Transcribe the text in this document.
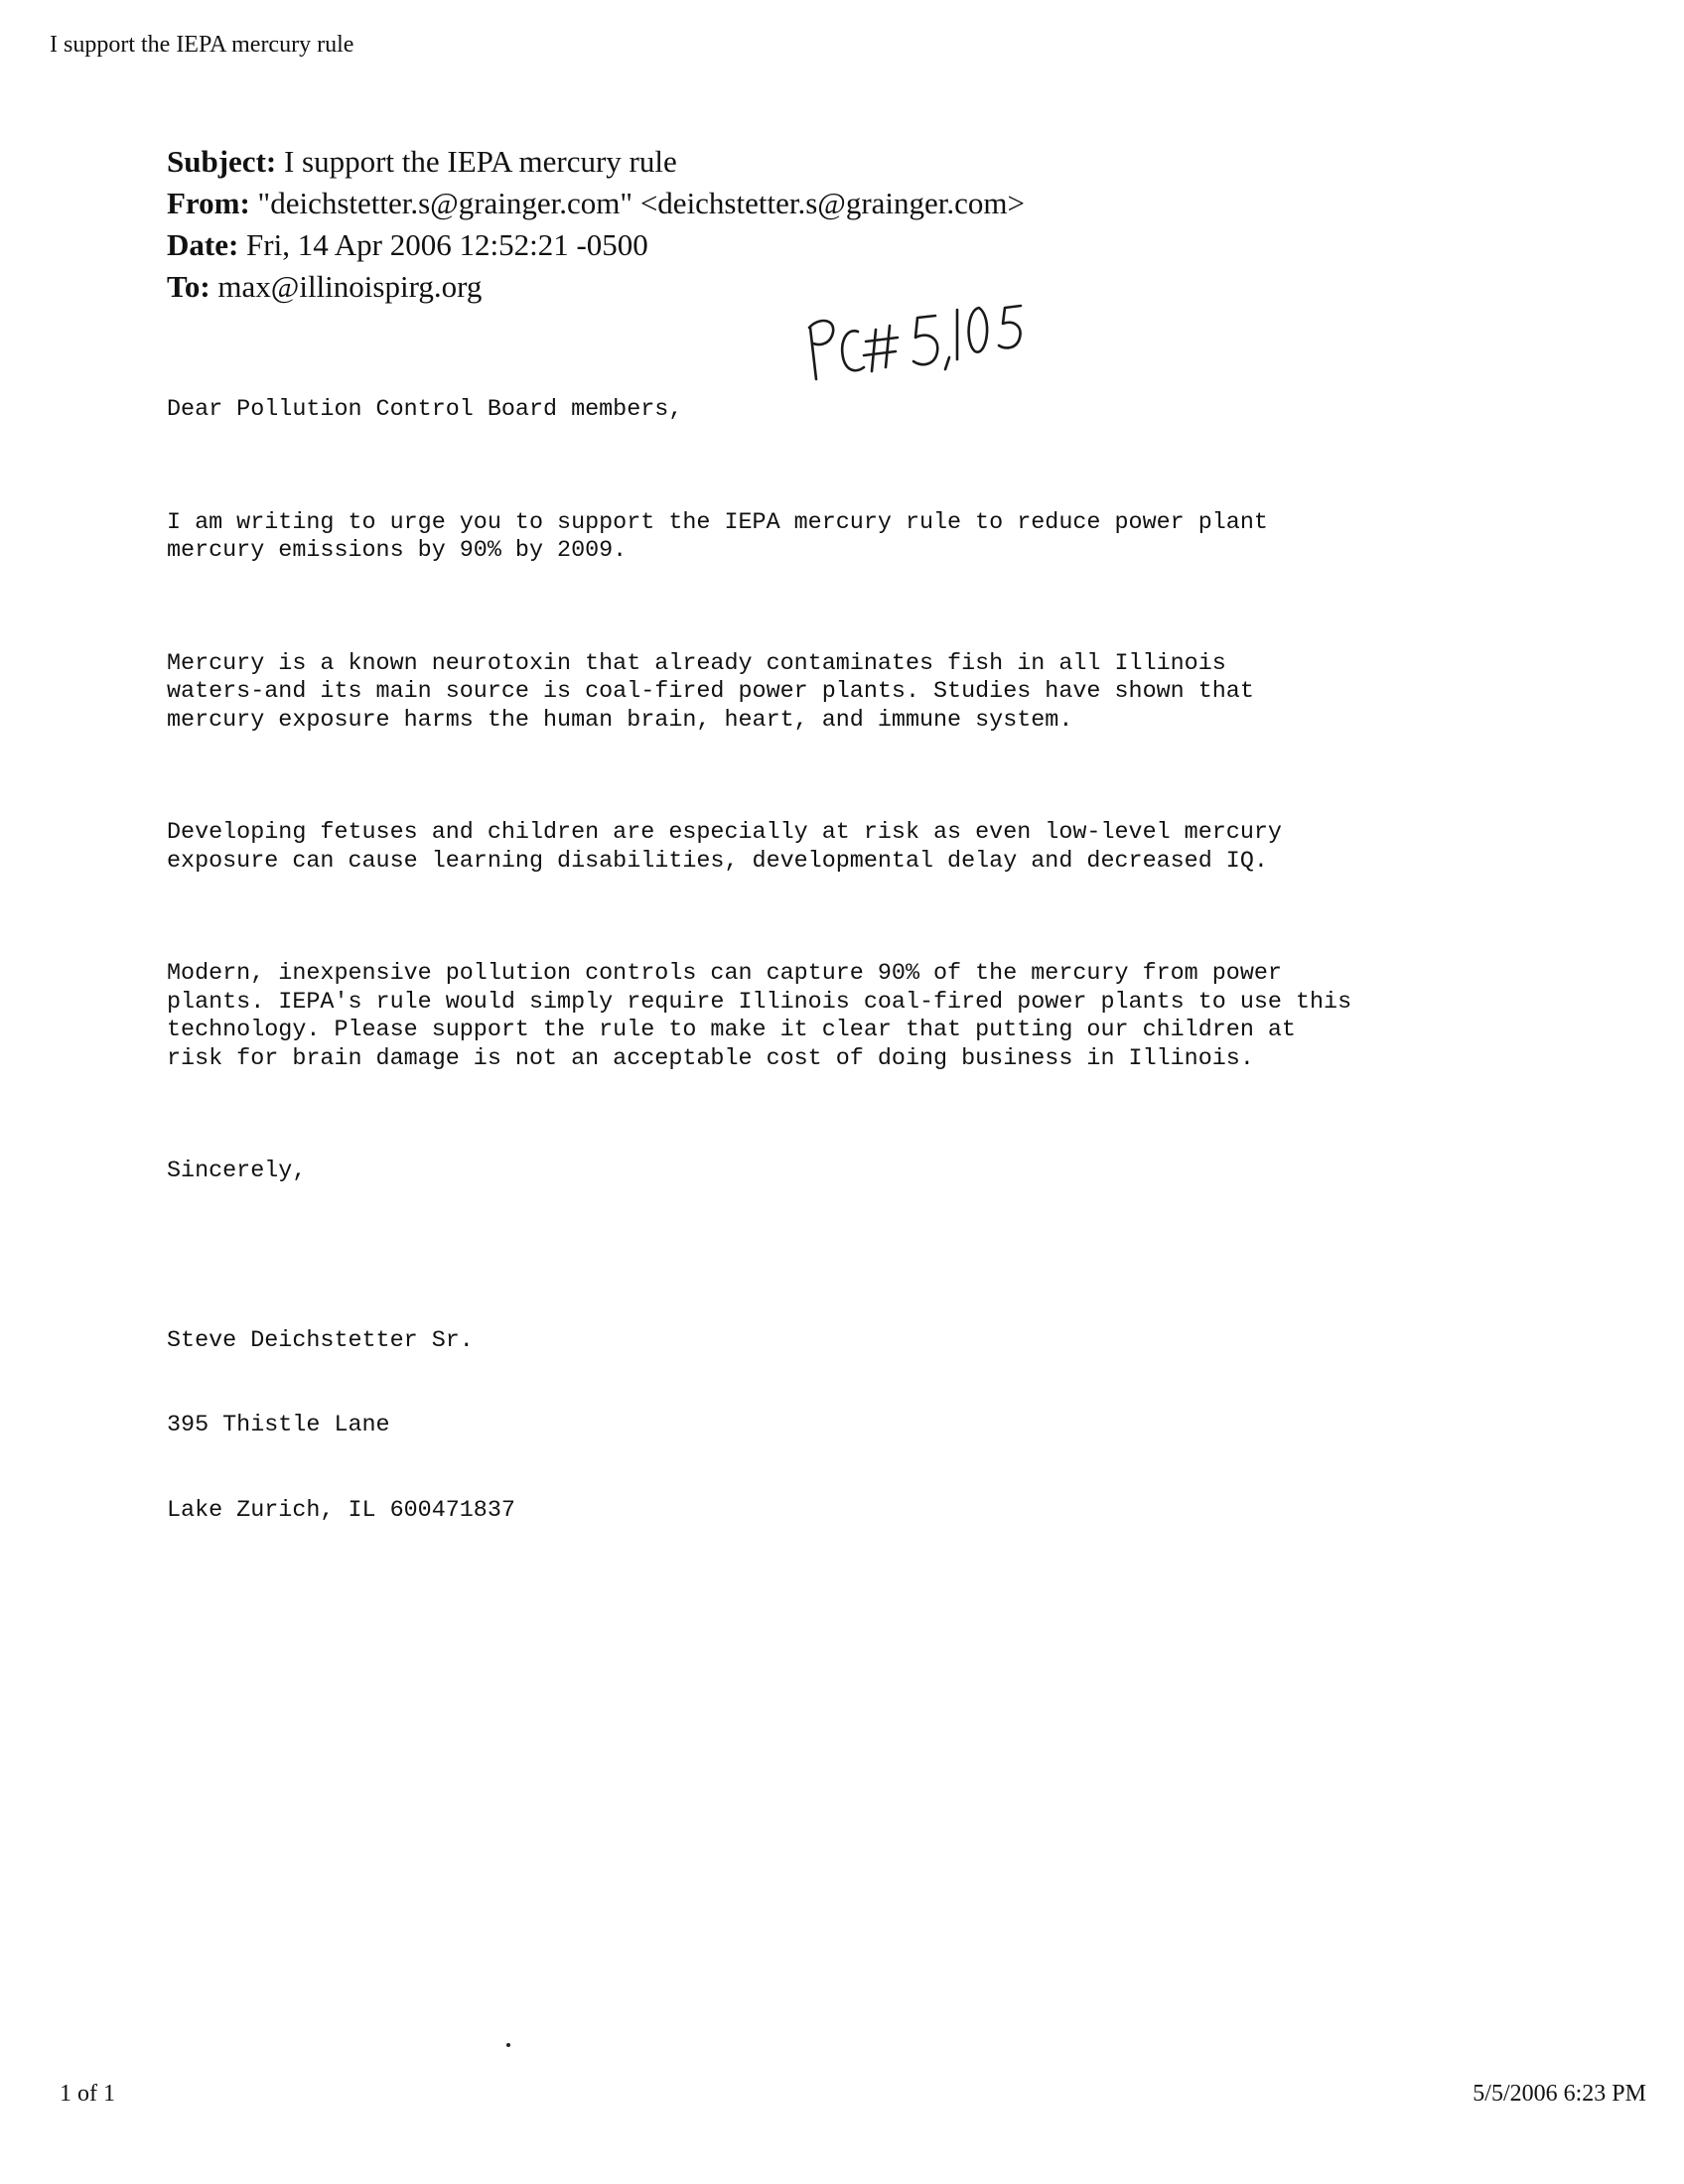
I support the IEPA mercury rule
Subject: I support the IEPA mercury rule
From: "deichstetter.s@grainger.com" <deichstetter.s@grainger.com>
Date: Fri, 14 Apr 2006 12:52:21 -0500
To: max@illinoispirg.org

Dear Pollution Control Board members,

I am writing to urge you to support the IEPA mercury rule to reduce power plant
mercury emissions by 90% by 2009.

Mercury is a known neurotoxin that already contaminates fish in all Illinois
waters-and its main source is coal-fired power plants. Studies have shown that
mercury exposure harms the human brain, heart, and immune system.

Developing fetuses and children are especially at risk as even low-level mercury
exposure can cause learning disabilities, developmental delay and decreased IQ.

Modern, inexpensive pollution controls can capture 90% of the mercury from power
plants. IEPA's rule would simply require Illinois coal-fired power plants to use this
technology. Please support the rule to make it clear that putting our children at
risk for brain damage is not an acceptable cost of doing business in Illinois.

Sincerely,

Steve Deichstetter Sr.

395 Thistle Lane

Lake Zurich, IL 600471837

1 of 1	5/5/2006 6:23 PM
